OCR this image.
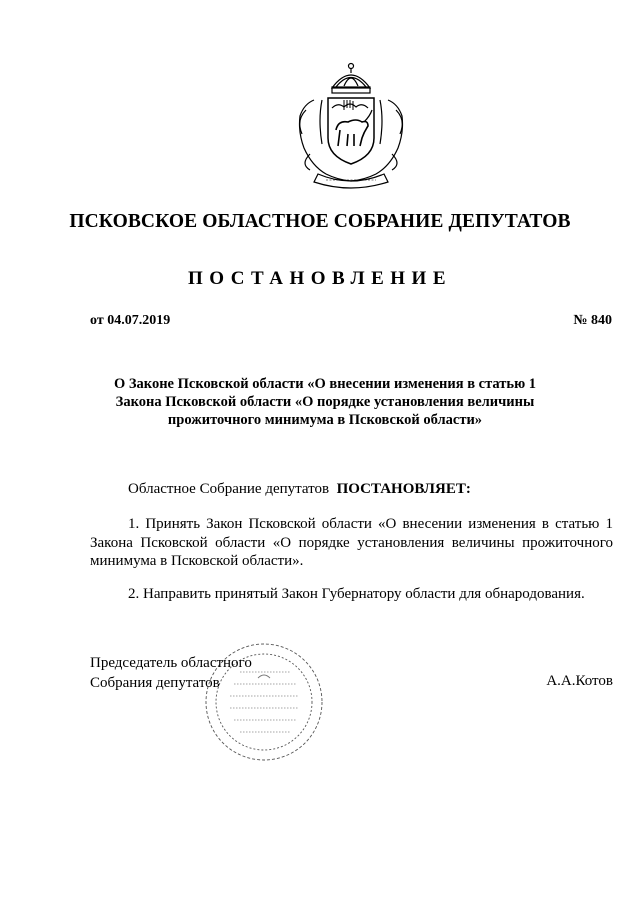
ПСКОВСКОЕ ОБЛАСТНОЕ СОБРАНИЕ ДЕПУТАТОВ
ПОСТАНОВЛЕНИЕ
от 04.07.2019	№ 840
О Законе Псковской области «О внесении изменения в статью 1
Закона Псковской области «О порядке установления величины
прожиточного минимума в Псковской области»
Областное Собрание депутатов ПОСТАНОВЛЯЕТ:
1. Принять Закон Псковской области «О внесении изменения в статью 1
Закона Псковской области «О порядке установления величины прожиточного
минимума в Псковской области».
2. Направить принятый Закон Губернатору области для обнародования.
Председатель областного
Собрания депутатов	А.А.Котов
